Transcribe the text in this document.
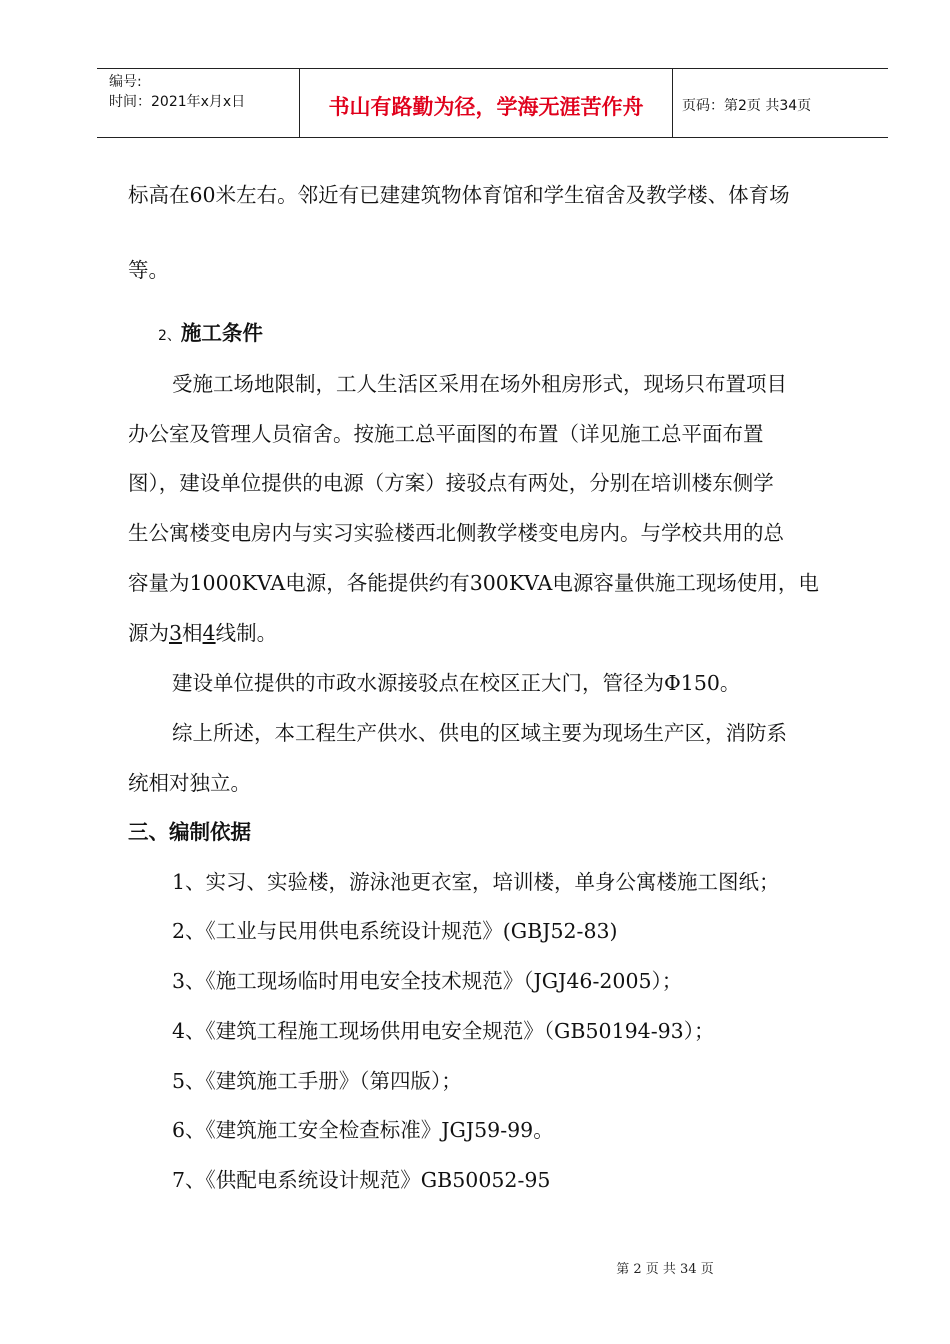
编号:
时间：2021年x月x日	书山有路勤为径，学海无涯苦作舟	页码：第2页 共34页
标高在60米左右。邻近有已建建筑物体育馆和学生宿舍及教学楼、体育场
等。
2、施工条件
受施工场地限制，工人生活区采用在场外租房形式，现场只布置项目
办公室及管理人员宿舍。按施工总平面图的布置（详见施工总平面布置
图），建设单位提供的电源（方案）接驳点有两处，分别在培训楼东侧学
生公寓楼变电房内与实习实验楼西北侧教学楼变电房内。与学校共用的总
容量为1000KVA电源，各能提供约有300KVA电源容量供施工现场使用，电
源为3相4线制。
建设单位提供的市政水源接驳点在校区正大门，管径为Φ150。
综上所述，本工程生产供水、供电的区域主要为现场生产区，消防系
统相对独立。
三、编制依据
1、实习、实验楼，游泳池更衣室，培训楼，单身公寓楼施工图纸；
2、《工业与民用供电系统设计规范》(GBJ52-83)
3、《施工现场临时用电安全技术规范》（JGJ46-2005）；
4、《建筑工程施工现场供用电安全规范》（GB50194-93）；
5、《建筑施工手册》（第四版）；
6、《建筑施工安全检查标准》JGJ59-99。
7、《供配电系统设计规范》GB50052-95
第 2 页 共 34 页
